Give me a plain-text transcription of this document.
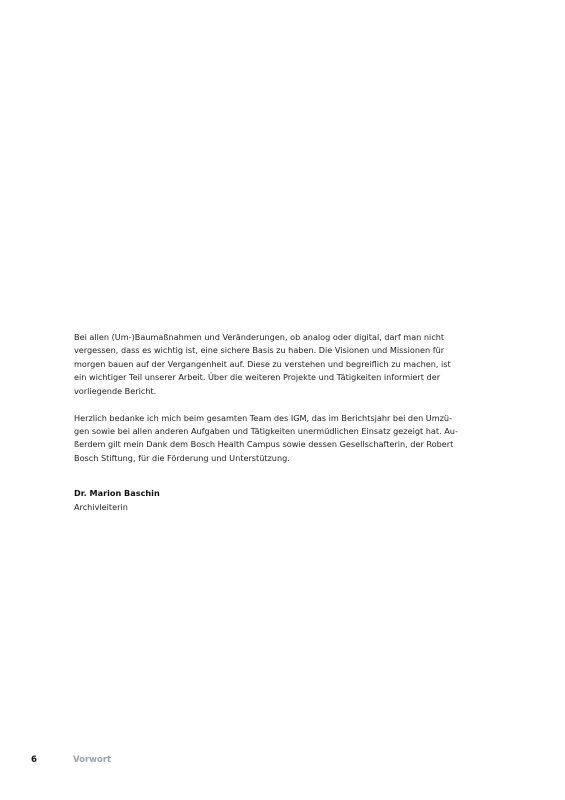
Bei allen (Um-)Baumaßnahmen und Veränderungen, ob analog oder digital, darf man nicht
vergessen, dass es wichtig ist, eine sichere Basis zu haben. Die Visionen und Missionen für
morgen bauen auf der Vergangenheit auf. Diese zu verstehen und begreiflich zu machen, ist
ein wichtiger Teil unserer Arbeit. Über die weiteren Projekte und Tätigkeiten informiert der
vorliegende Bericht.

Herzlich bedanke ich mich beim gesamten Team des IGM, das im Berichtsjahr bei den Umzü-
gen sowie bei allen anderen Aufgaben und Tätigkeiten unermüdlichen Einsatz gezeigt hat. Au-
ßerdem gilt mein Dank dem Bosch Health Campus sowie dessen Gesellschafterin, der Robert
Bosch Stiftung, für die Förderung und Unterstützung.

Dr. Marion Baschin
Archivleiterin
6	Vorwort
